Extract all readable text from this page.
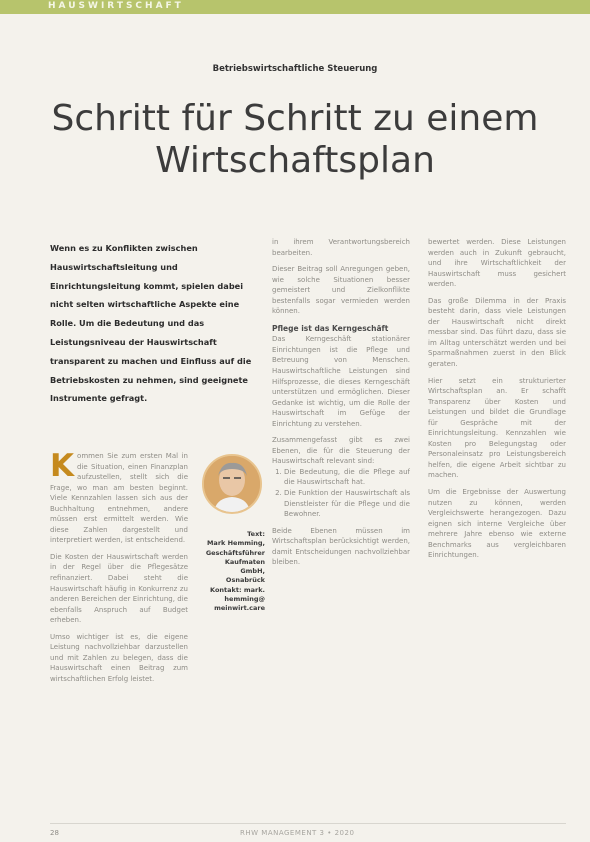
HAUSWIRTSCHAFT
Betriebswirtschaftliche Steuerung
Schritt für Schritt zu einem
Wirtschaftsplan
Wenn es zu Konflikten zwischen Hauswirtschaftsleitung und Einrichtungsleitung kommt, spielen dabei nicht selten wirtschaftliche Aspekte eine Rolle. Um die Bedeutung und das Leistungsniveau der Hauswirtschaft transparent zu machen und Einfluss auf die Betriebskosten zu nehmen, sind geeignete Instrumente gefragt.

Kommen Sie zum ersten Mal in die Situation, einen Finanzplan aufzustellen, stellt sich die Frage, wo man am besten beginnt. Viele Kennzahlen lassen sich aus der Buchhaltung entnehmen, andere müssen erst ermittelt werden. Wie diese Zahlen dargestellt und interpretiert werden, ist entscheidend.

Die Kosten der Hauswirtschaft werden in der Regel über die Pflegesätze refinanziert. Dabei steht die Hauswirtschaft häufig in Konkurrenz zu anderen Bereichen der Einrichtung, die ebenfalls Anspruch auf Budget erheben.

Umso wichtiger ist es, die eigene Leistung nachvollziehbar darzustellen und mit Zahlen zu belegen, dass die Hauswirtschaft einen Beitrag zum wirtschaftlichen Erfolg leistet.

Text:
Mark Hemming,
Geschäftsführer
Kaufmaten GmbH,
Osnabrück
Kontakt: mark.
hemming@
meinwirt.care

in ihrem Verantwortungsbereich bearbeiten.

Dieser Beitrag soll Anregungen geben, wie solche Situationen besser gemeistert und Zielkonflikte bestenfalls sogar vermieden werden können.

Pflege ist das Kerngeschäft

Das Kerngeschäft stationärer Einrichtungen ist die Pflege und Betreuung von Menschen. Hauswirtschaftliche Leistungen sind Hilfsprozesse, die dieses Kerngeschäft unterstützen und ermöglichen. Dieser Gedanke ist wichtig, um die Rolle der Hauswirtschaft im Gefüge der Einrichtung zu verstehen.

Zusammengefasst gibt es zwei Ebenen, die für die Steuerung der Hauswirtschaft relevant sind:

1. Die Bedeutung, die die Pflege auf die Hauswirtschaft hat.
2. Die Funktion der Hauswirtschaft als Dienstleister für die Pflege und die Bewohner.

Beide Ebenen müssen im Wirtschaftsplan berücksichtigt werden, damit Entscheidungen nachvollziehbar bleiben.

bewertet werden. Diese Leistungen werden auch in Zukunft gebraucht, und ihre Wirtschaftlichkeit der Hauswirtschaft muss gesichert werden.

Das große Dilemma in der Praxis besteht darin, dass viele Leistungen der Hauswirtschaft nicht direkt messbar sind. Das führt dazu, dass sie im Alltag unterschätzt werden und bei Sparmaßnahmen zuerst in den Blick geraten.

Hier setzt ein strukturierter Wirtschaftsplan an. Er schafft Transparenz über Kosten und Leistungen und bildet die Grundlage für Gespräche mit der Einrichtungsleitung. Kennzahlen wie Kosten pro Belegungstag oder Personaleinsatz pro Leistungsbereich helfen, die eigene Arbeit sichtbar zu machen.

Um die Ergebnisse der Auswertung nutzen zu können, werden Vergleichswerte herangezogen. Dazu eignen sich interne Vergleiche über mehrere Jahre ebenso wie externe Benchmarks aus vergleichbaren Einrichtungen.

28	RHW MANAGEMENT 3 • 2020
